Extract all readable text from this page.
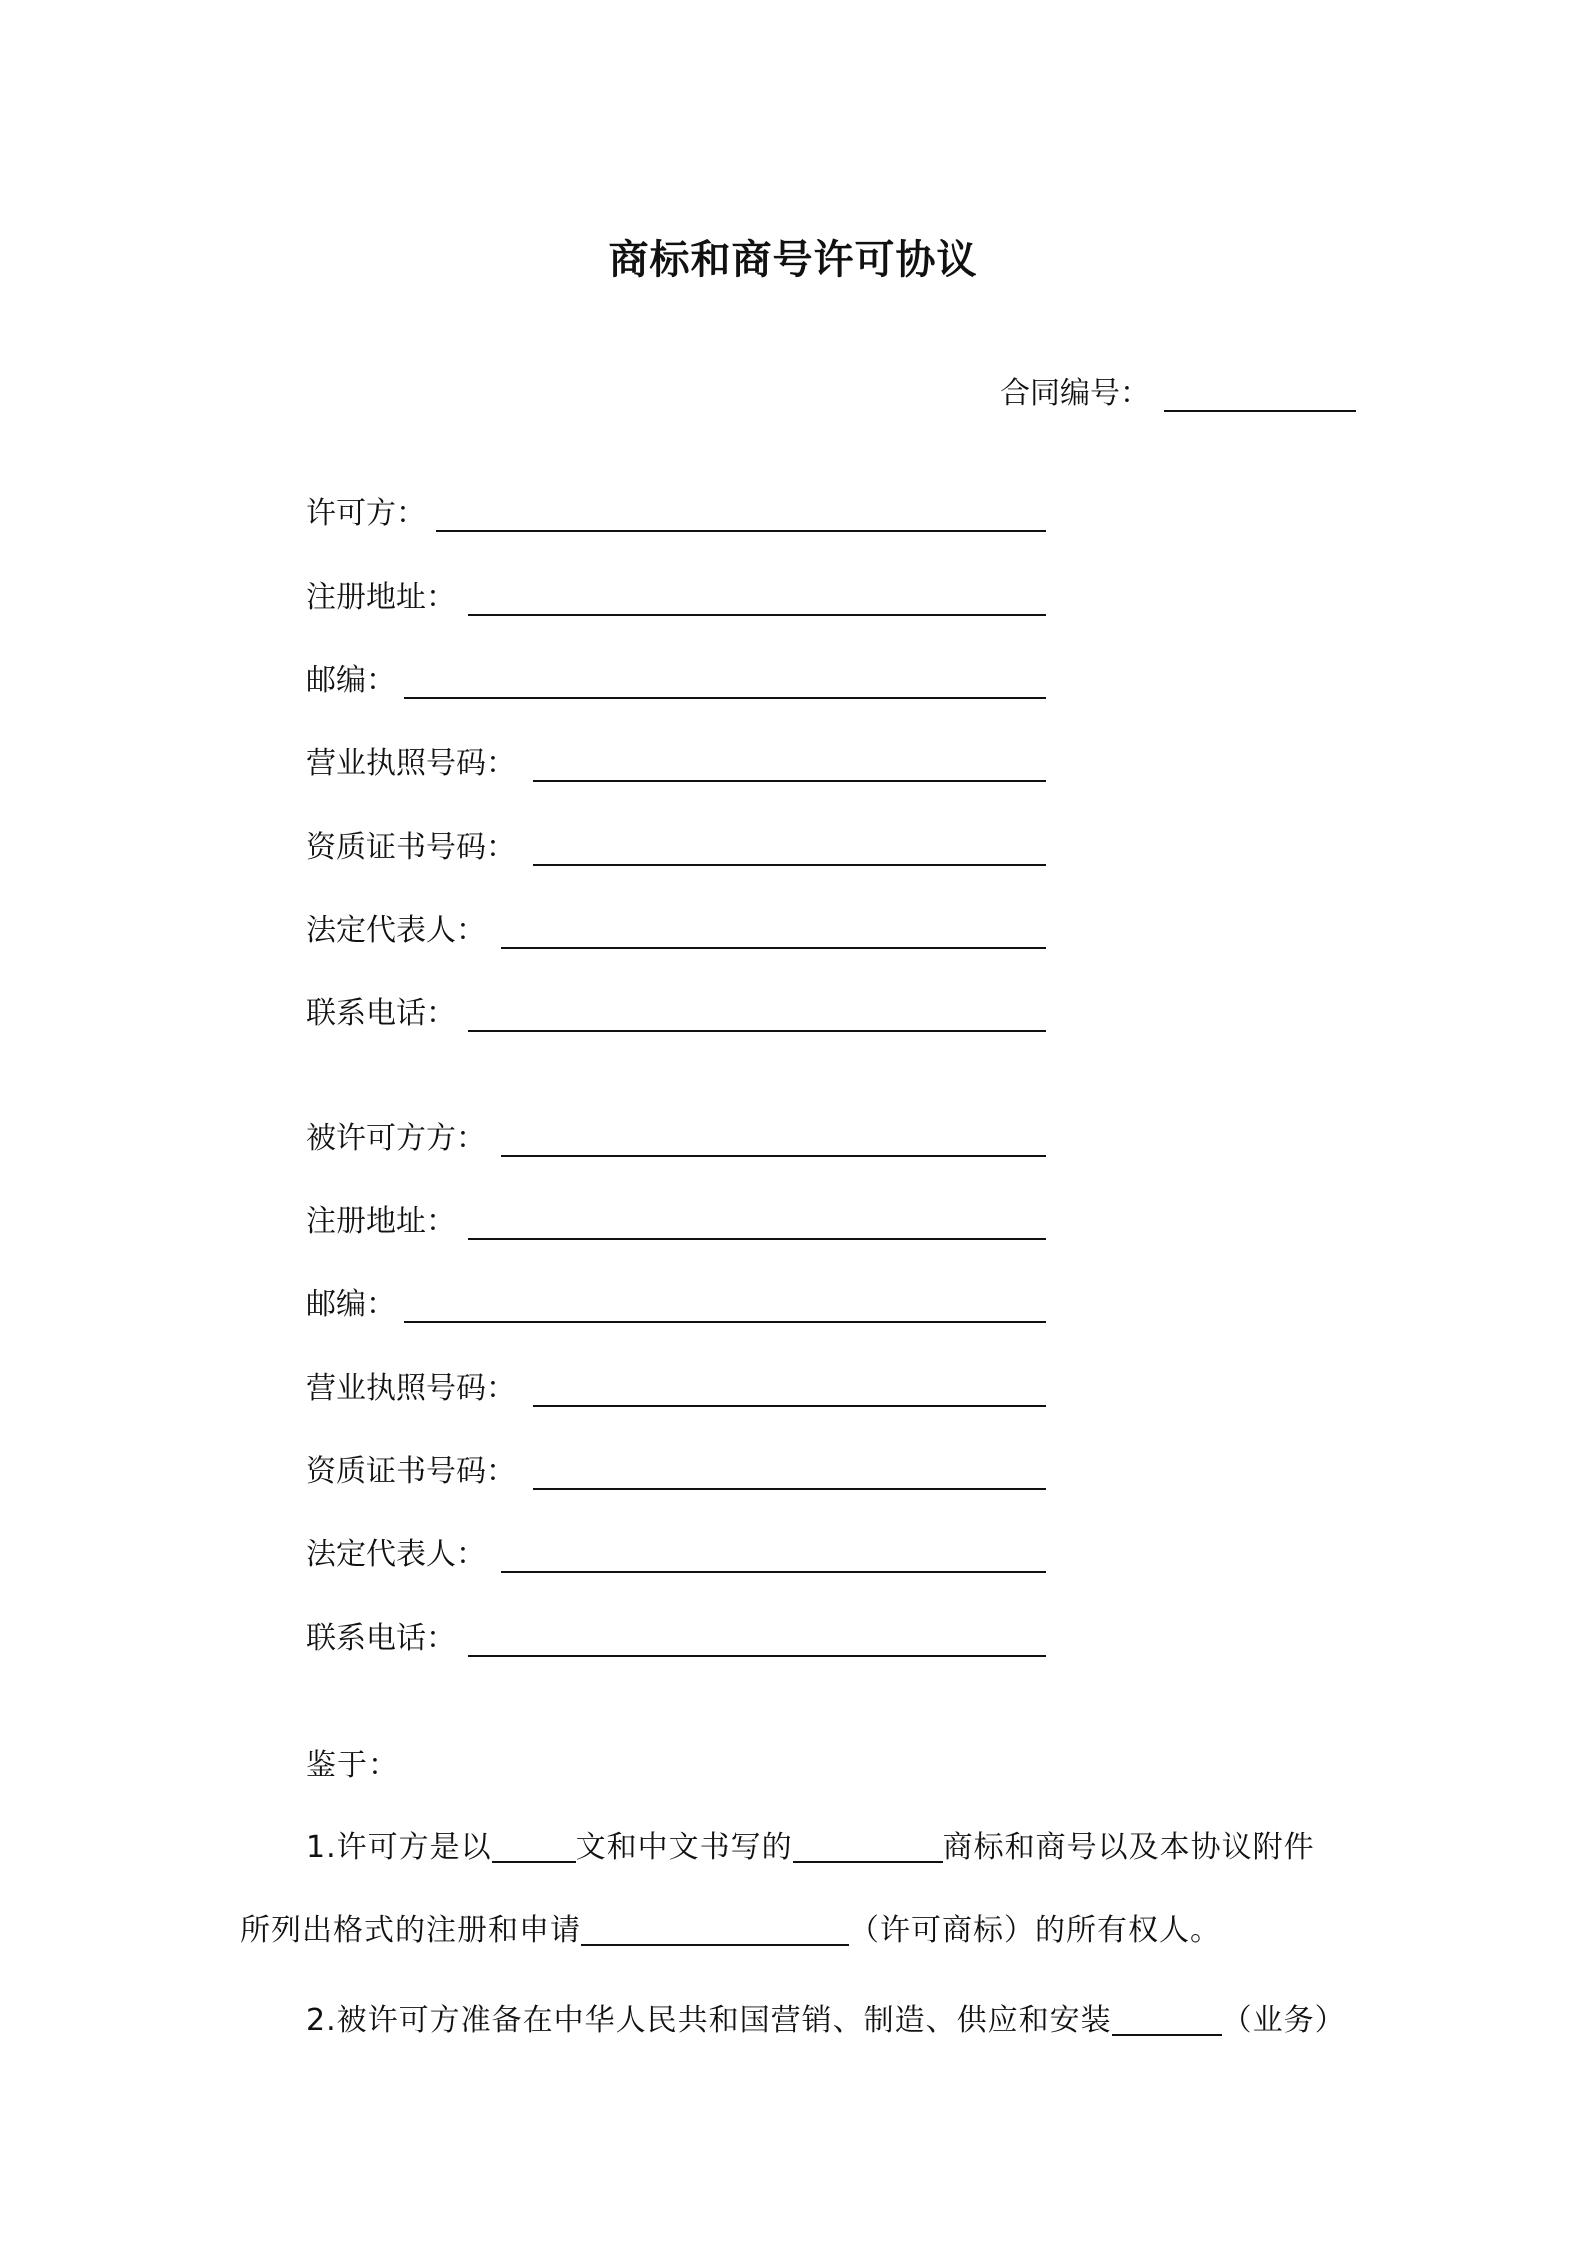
商标和商号许可协议
合同编号：
许可方：
注册地址：
邮编：
营业执照号码：
资质证书号码：
法定代表人：
联系电话：
被许可方方：
注册地址：
邮编：
营业执照号码：
资质证书号码：
法定代表人：
联系电话：
鉴于：
1.许可方是以	文和中文书写的	商标和商号以及本协议附件
所列出格式的注册和申请	（许可商标）的所有权人。
2.被许可方准备在中华人民共和国营销、制造、供应和安装	（业务）
